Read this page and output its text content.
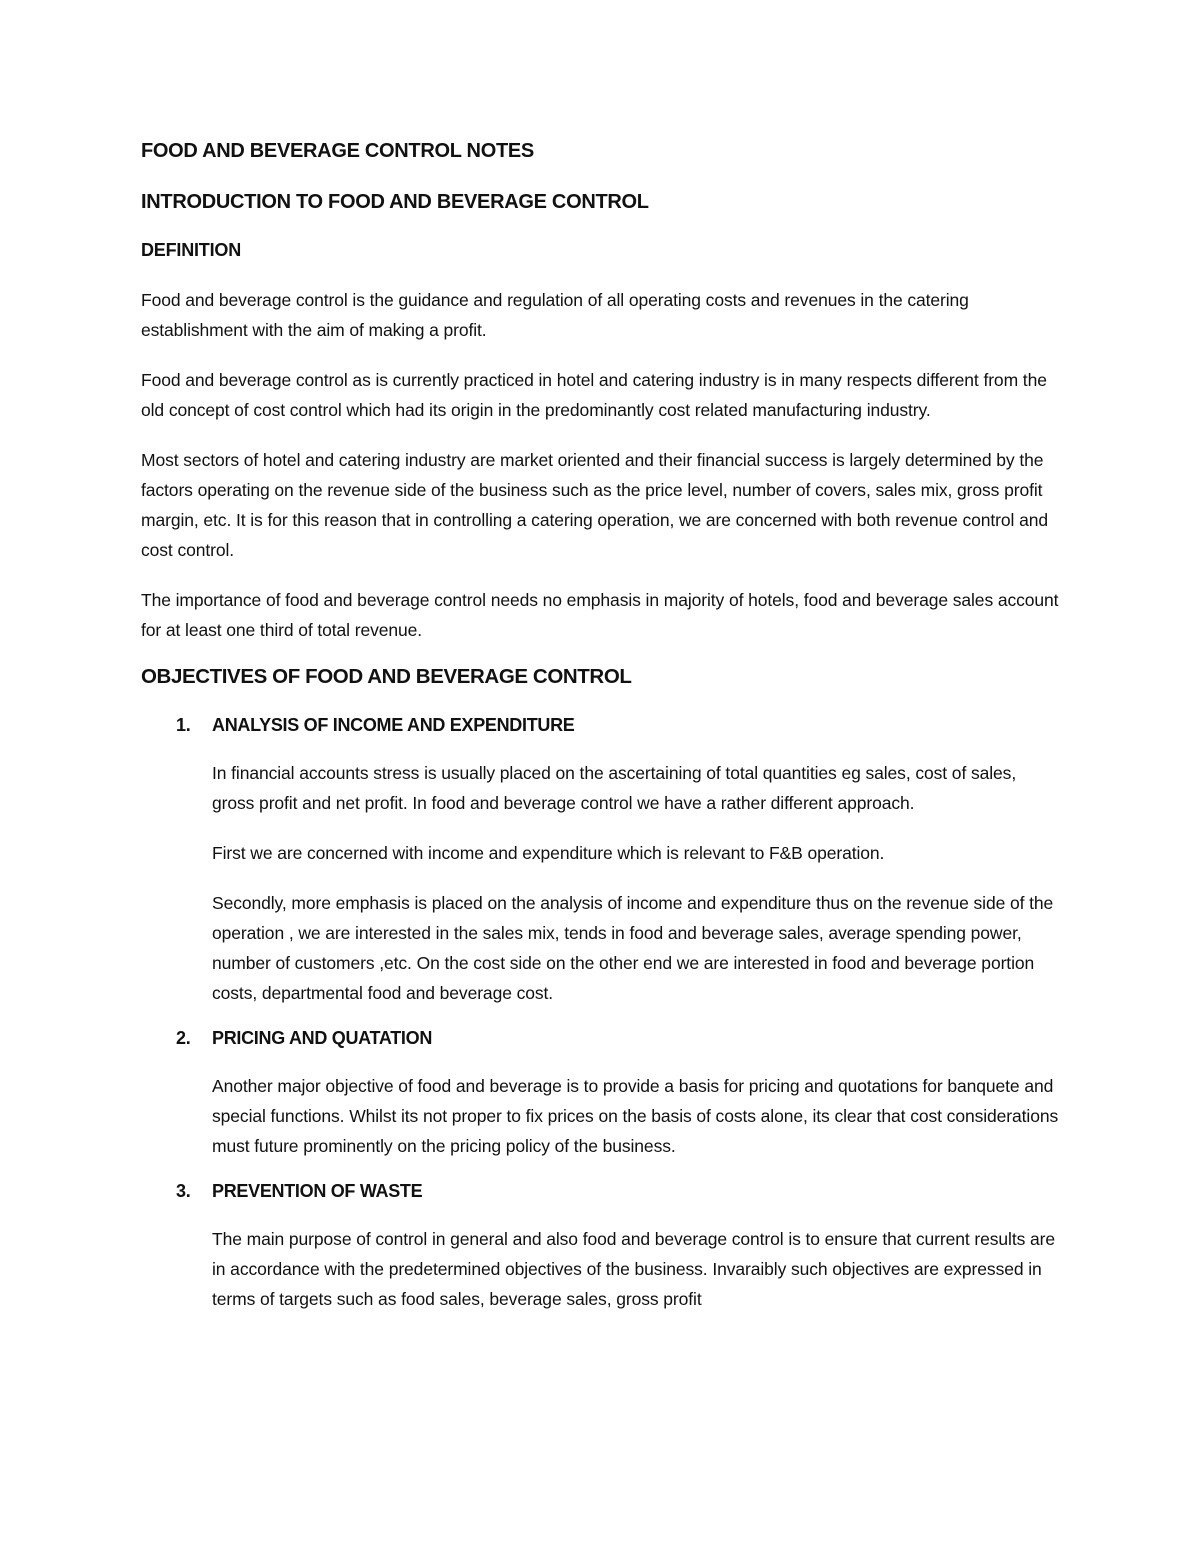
FOOD AND BEVERAGE CONTROL NOTES
INTRODUCTION TO FOOD AND BEVERAGE CONTROL
DEFINITION

Food and beverage control is the guidance and regulation of all operating costs and revenues in the catering establishment with the aim of making a profit.

Food and beverage control as is currently practiced in hotel and catering industry is in many respects different from the old concept of cost control which had its origin in the predominantly cost related manufacturing industry.

Most sectors of hotel and catering industry are market oriented and their financial success is largely determined by the factors operating on the revenue side of the business such as the price level, number of covers, sales mix, gross profit margin, etc. It is for this reason that in controlling a catering operation, we are concerned with both revenue control and cost control.

The importance of food and beverage control needs no emphasis in majority of hotels, food and beverage sales account for at least one third of total revenue.

OBJECTIVES OF FOOD AND BEVERAGE CONTROL
1. ANALYSIS OF INCOME AND EXPENDITURE

In financial accounts stress is usually placed on the ascertaining of total quantities eg sales, cost of sales, gross profit and net profit. In food and beverage control we have a rather different approach.

First we are concerned with income and expenditure which is relevant to F&B operation.

Secondly, more emphasis is placed on the analysis of income and expenditure thus on the revenue side of the operation , we are interested in the sales mix, tends in food and beverage sales, average spending power, number of customers ,etc. On the cost side on the other end we are interested in food and beverage portion costs, departmental food and beverage cost.

2. PRICING AND QUATATION

Another major objective of food and beverage is to provide a basis for pricing and quotations for banquete and special functions. Whilst its not proper to fix prices on the basis of costs alone, its clear that cost considerations must future prominently on the pricing policy of the business.

3. PREVENTION OF WASTE

The main purpose of control in general and also food and beverage control is to ensure that current results are in accordance with the predetermined objectives of the business. Invaraibly such objectives are expressed in terms of targets such as food sales, beverage sales, gross profit
